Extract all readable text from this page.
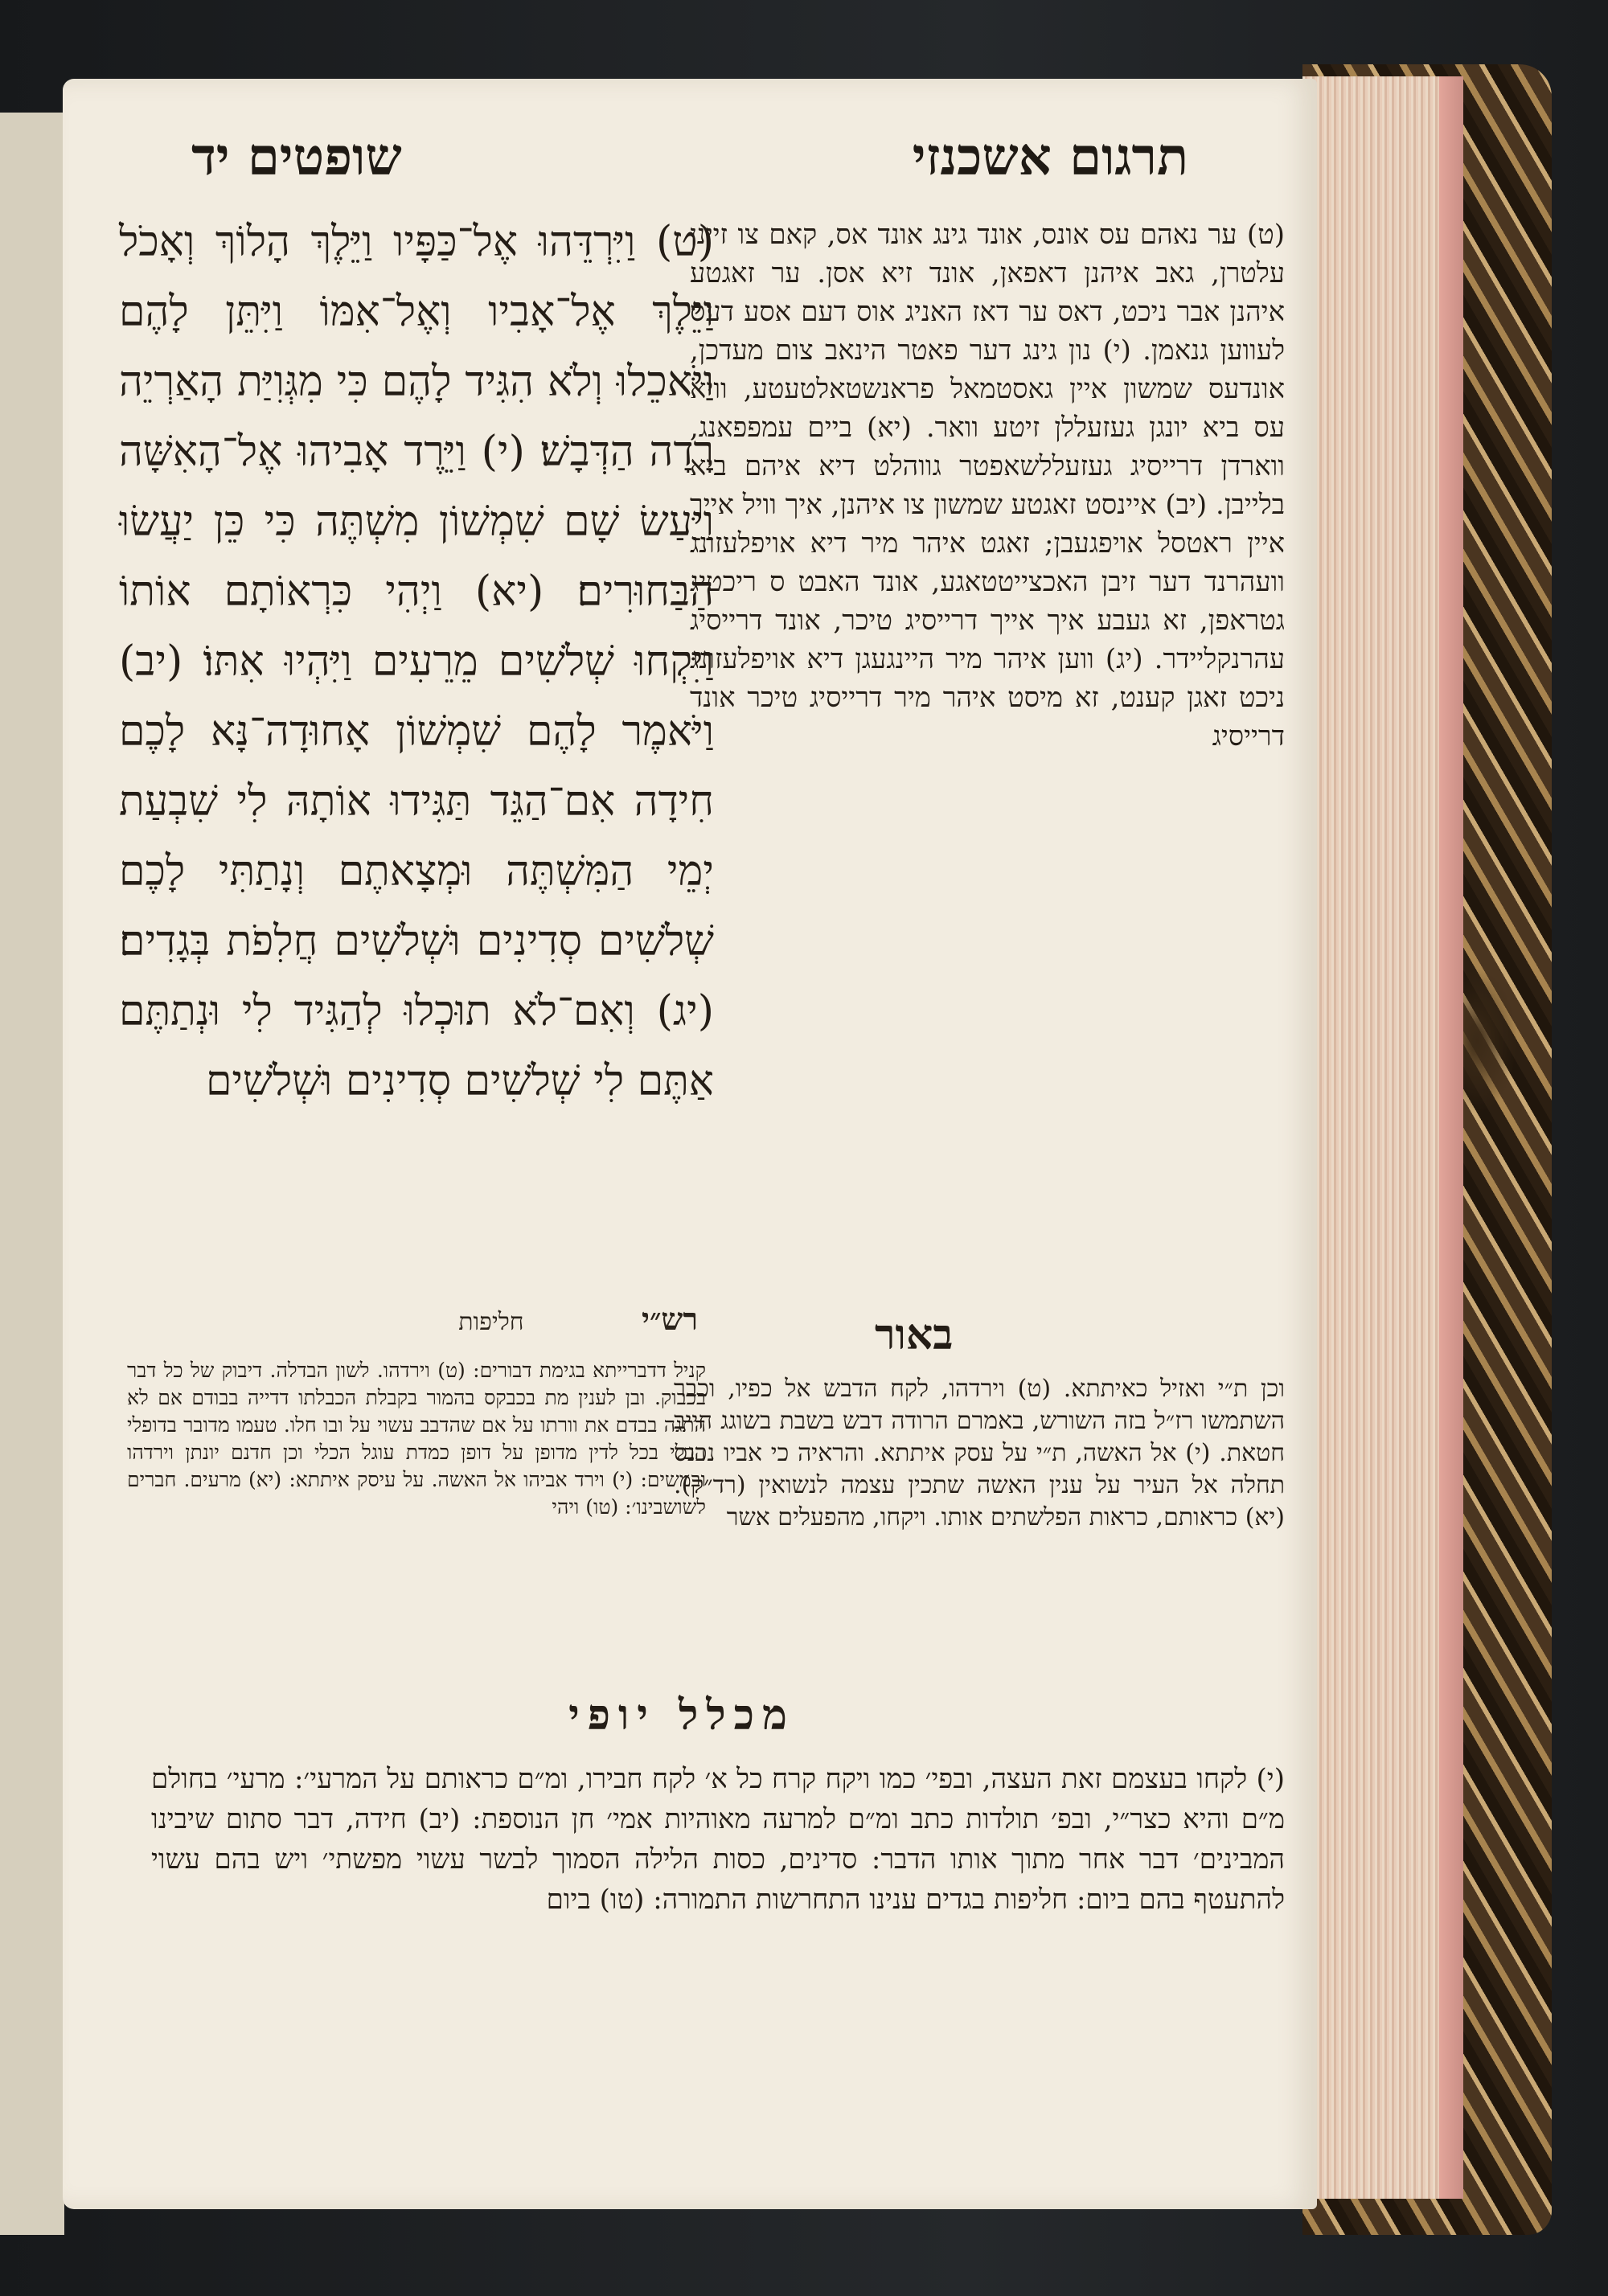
שופטים יד	תרגום אשכנזי

(ט) וַיִּרְדֵּהוּ אֶל־כַּפָּיו וַיֵּלֶךְ הָלוֹךְ וְאָכֹל וַיֵּלֶךְ אֶל־אָבִיו וְאֶל־אִמּוֹ וַיִּתֵּן לָהֶם וַיֹּאכֵלוּ וְלֹא הִגִּיד לָהֶם כִּי מִגְּוִיַּת הָאַרְיֵה רָדָה הַדְּבָשׁ׃ (י) וַיֵּרֶד אָבִיהוּ אֶל־הָאִשָּׁה וַיַּעַשׂ שָׁם שִׁמְשׁוֹן מִשְׁתֶּה כִּי כֵּן יַעֲשׂוּ הַבַּחוּרִים׃ (יא) וַיְהִי כִּרְאוֹתָם אוֹתוֹ וַיִּקְחוּ שְׁלֹשִׁים מֵרֵעִים וַיִּהְיוּ אִתּוֹ׃ (יב) וַיֹּאמֶר לָהֶם שִׁמְשׁוֹן אָחוּדָה־נָּא לָכֶם חִידָה אִם־הַגֵּד תַּגִּידוּ אוֹתָהּ לִי שִׁבְעַת יְמֵי הַמִּשְׁתֶּה וּמְצָאתֶם וְנָתַתִּי לָכֶם שְׁלֹשִׁים סְדִינִים וּשְׁלֹשִׁים חֲלִפֹת בְּגָדִים׃ (יג) וְאִם־לֹא תוּכְלוּ לְהַגִּיד לִי וּנְתַתֶּם אַתֶּם לִי שְׁלֹשִׁים סְדִינִים וּשְׁלֹשִׁים

(ט) ער נאהם עס אונס, אונד גינג אונד אס, קאם צו זיינן עלטרן, גאב איהנן דאפאן, אונד זיא אסן. ער זאגטע איהנן אבר ניכט, דאס ער דאז האניג אוס דעם אסע דעס לעווען גנאמן. (י) נון גינג דער פאטר הינאב צום מעדכן, אונדעס שמשון איין גאסטמאל פראנשטאלטעטע, וויא עס ביא יונגן געזעללן זיטע וואר. (יא) ביים עמפפאנג, ווארדן דרייסיג געזעללשאפטר גווהלט דיא איהם ביא בלייבן. (יב) איינסט זאגטע שמשון צו איהנן, איך וויל אייך איין ראטסל אויפגעבן; זאגט איהר מיר דיא אויפלעזונג וועהרנד דער זיבן האכצייטטאגע, אונד האבט ס ריכטיג גטראפן, זא געבע איך אייך דרייסיג טיכר, אונד דרייסיג עהרנקליידר. (יג) ווען איהר מיר היינגעגן דיא אויפלעזונג ניכט זאגן קענט, זא מיסט איהר מיר דרייסיג טיכר אונד דרייסיג

רש״י  חליפות

קניל דדברייתא בגימת דבורים: (ט) וירדהו. לשון הבדלה. דיבוק של כל דבר בכבוק. ובן לענין מת בכבקס בהמור בקבלת הכבלתו דדייה בבודם אם לא התגה בבדם את וורתו על אם שהדבב עשוי על ובו חלו. טעמו מדובר בדופלי הכלי בכל לדין מדופן על דופן כמדת עוגל הכלי וכן חדנם יונתן וירדהו ובמשים: (י) וירד אביהו אל האשה. על עיסק איתתא: (יא) מרעים. חברים לשושבינו׳: (טו) ויהי

באור

וכן ת״י ואזיל כאיתתא. (ט) וירדהו, לקח הדבש אל כפיו, וכבר השתמשו רז״ל בזה השורש, באמרם הרודה דבש בשבת בשוגג חייב חטאת. (י) אל האשה, ת״י על עסק איתתא. והראיה כי אביו נכנס תחלה אל העיר על ענין האשה שתכין עצמה לנשואין (רד״ק). (יא) כראותם, כראות הפלשתים אותו. ויקחו, מהפעלים אשר

מכלל יופי

(י) לקחו בעצמם זאת העצה, ובפי׳ כמו ויקח קרח כל א׳ לקח חבירו, ומ״ם כראותם על המרעי׳: מרעי׳ בחולם מ״ם והיא כצר״י, ובפ׳ תולדות כתב ומ״ם למרעה מאוהיות אמי׳ חן הנוספת: (יב) חידה, דבר סתום שיבינו המבינים׳ דבר אחר מתוך אותו הדבר: סדינים, כסות הלילה הסמוך לבשר עשוי מפשתי׳ ויש בהם עשוי להתעטף בהם ביום: חליפות בגדים ענינו התחרשות התמורה: (טו) ביום
